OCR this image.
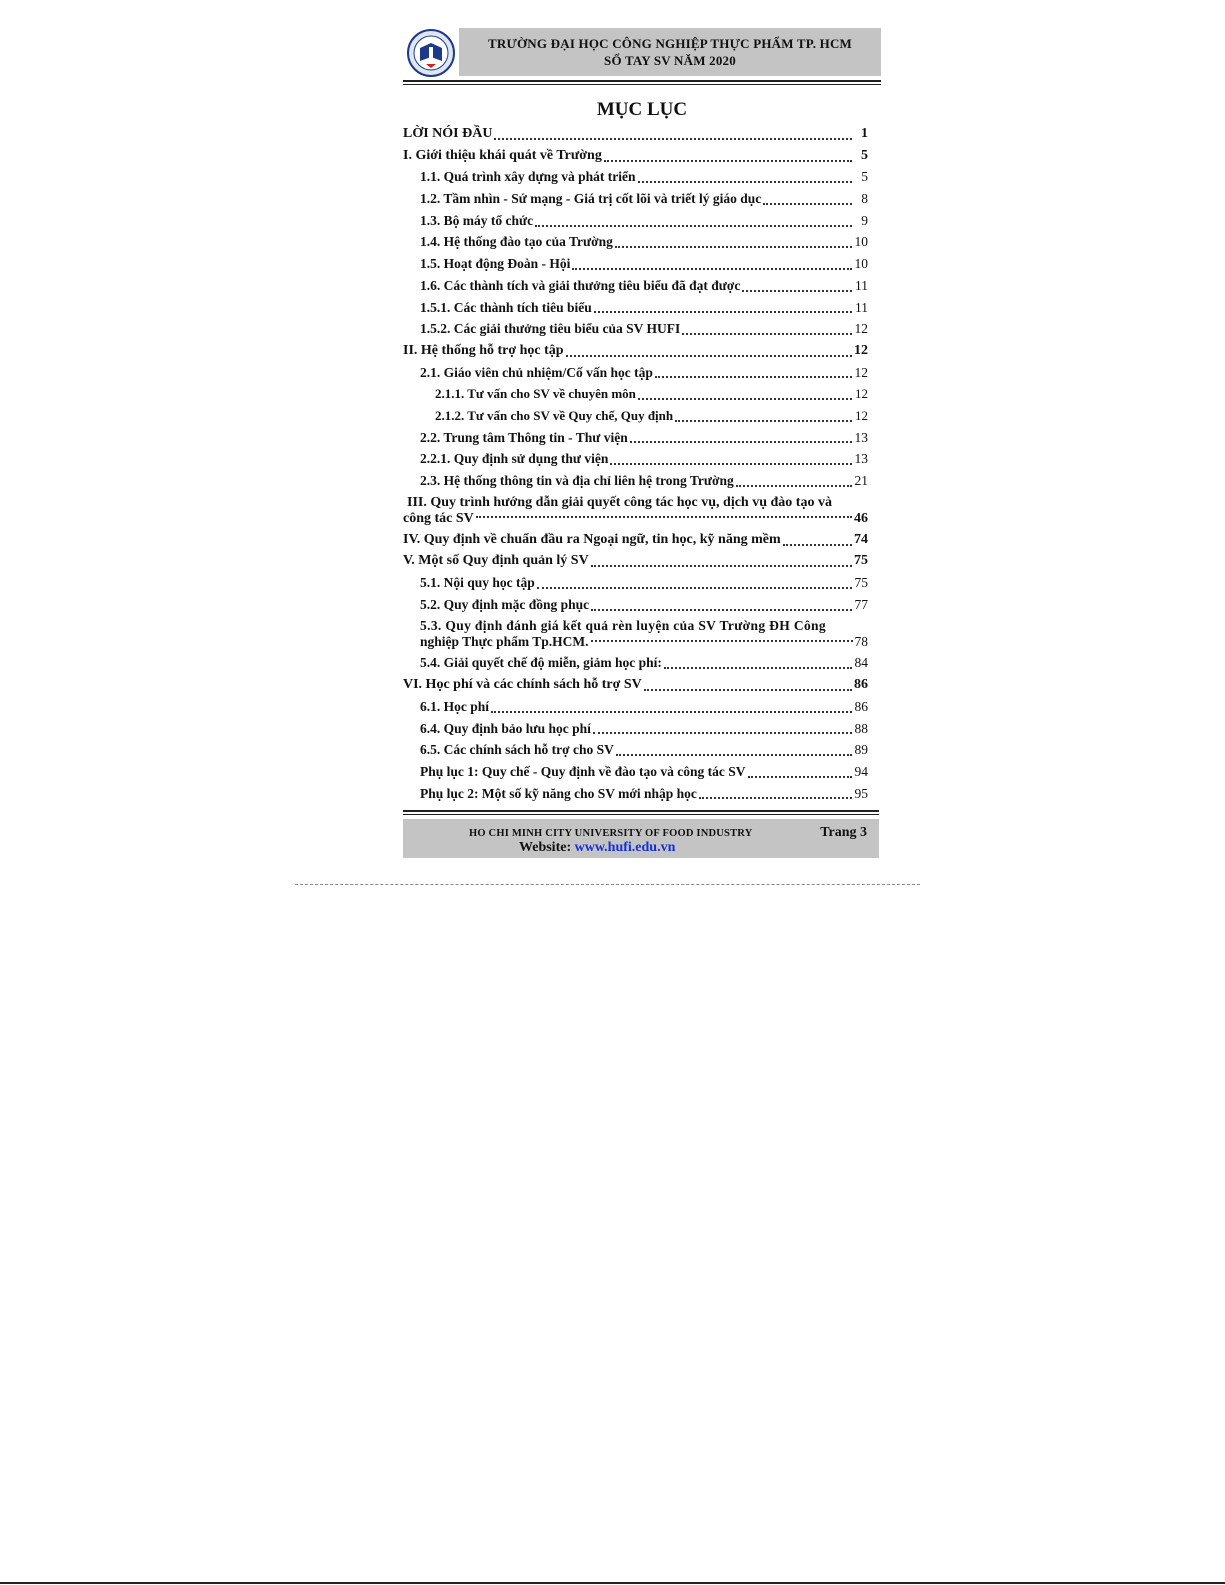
TRƯỜNG ĐẠI HỌC CÔNG NGHIỆP THỰC PHẨM TP. HCM
SỔ TAY SV NĂM 2020
MỤC LỤC
LỜI NÓI ĐẦU	1
I. Giới thiệu khái quát về Trường	5
1.1. Quá trình xây dựng và phát triển	5
1.2. Tầm nhìn - Sứ mạng - Giá trị cốt lõi và triết lý giáo dục	8
1.3. Bộ máy tổ chức	9
1.4. Hệ thống đào tạo của Trường	10
1.5. Hoạt động Đoàn - Hội	10
1.6. Các thành tích và giải thưởng tiêu biểu đã đạt được	11
1.5.1. Các thành tích tiêu biểu	11
1.5.2. Các giải thưởng tiêu biểu của SV HUFI	12
II. Hệ thống hỗ trợ học tập	12
2.1. Giáo viên chủ nhiệm/Cố vấn học tập	12
2.1.1. Tư vấn cho SV về chuyên môn	12
2.1.2. Tư vấn cho SV về Quy chế, Quy định	12
2.2. Trung tâm Thông tin - Thư viện	13
2.2.1. Quy định sử dụng thư viện	13
2.3. Hệ thống thông tin và địa chỉ liên hệ trong Trường	21
III. Quy trình hướng dẫn giải quyết công tác học vụ, dịch vụ đào tạo và
công tác SV	46
IV. Quy định về chuẩn đầu ra Ngoại ngữ, tin học, kỹ năng mềm	74
V. Một số Quy định quản lý SV	75
5.1. Nội quy học tập	75
5.2. Quy định mặc đồng phục	77
5.3. Quy định đánh giá kết quả rèn luyện của SV Trường ĐH Công
nghiệp Thực phẩm Tp.HCM.	78
5.4. Giải quyết chế độ miễn, giảm học phí:	84
VI. Học phí và các chính sách hỗ trợ SV	86
6.1. Học phí	86
6.4. Quy định bảo lưu học phí	88
6.5. Các chính sách hỗ trợ cho SV	89
Phụ lục 1: Quy chế - Quy định về đào tạo và công tác SV	94
Phụ lục 2: Một số kỹ năng cho SV mới nhập học	95
HO CHI MINH CITY UNIVERSITY OF FOOD INDUSTRY	Trang 3
Website: www.hufi.edu.vn
